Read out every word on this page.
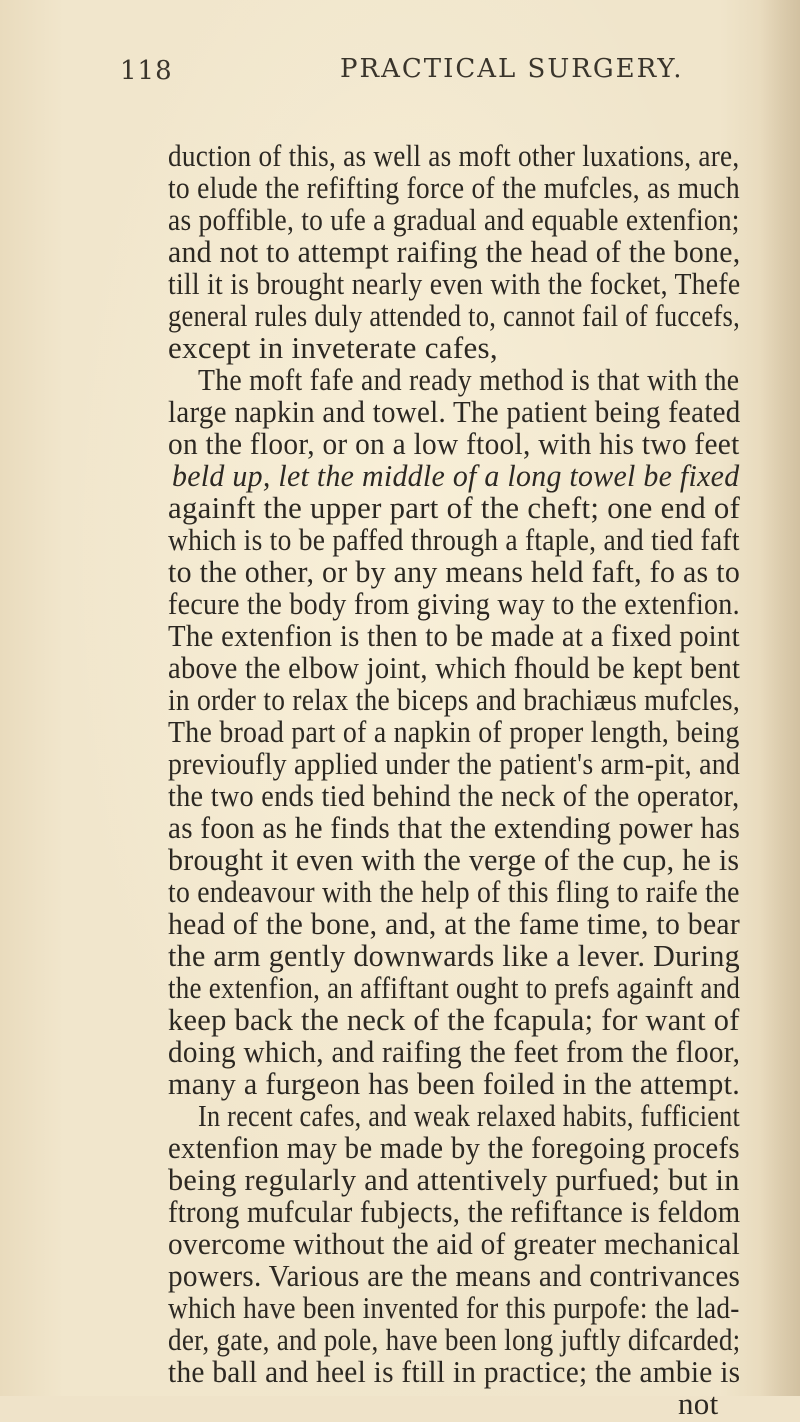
118	PRACTICAL SURGERY.
duction of this, as well as moft other luxations, are,
to elude the refifting force of the mufcles, as much
as poffible, to ufe a gradual and equable extenfion;
and not to attempt raifing the head of the bone,
till it is brought nearly even with the focket, Thefe
general rules duly attended to, cannot fail of fuccefs,
except in inveterate cafes,
The moft fafe and ready method is that with the
large napkin and towel. The patient being feated
on the floor, or on a low ftool, with his two feet
beld up, let the middle of a long towel be fixed
againft the upper part of the cheft; one end of
which is to be paffed through a ftaple, and tied faft
to the other, or by any means held faft, fo as to
fecure the body from giving way to the extenfion.
The extenfion is then to be made at a fixed point
above the elbow joint, which fhould be kept bent
in order to relax the biceps and brachiæus mufcles,
The broad part of a napkin of proper length, being
previoufly applied under the patient's arm-pit, and
the two ends tied behind the neck of the operator,
as foon as he finds that the extending power has
brought it even with the verge of the cup, he is
to endeavour with the help of this fling to raife the
head of the bone, and, at the fame time, to bear
the arm gently downwards like a lever. During
the extenfion, an affiftant ought to prefs againft and
keep back the neck of the fcapula; for want of
doing which, and raifing the feet from the floor,
many a furgeon has been foiled in the attempt.
In recent cafes, and weak relaxed habits, fufficient
extenfion may be made by the foregoing procefs
being regularly and attentively purfued; but in
ftrong mufcular fubjects, the refiftance is feldom
overcome without the aid of greater mechanical
powers. Various are the means and contrivances
which have been invented for this purpofe: the lad-
der, gate, and pole, have been long juftly difcarded;
the ball and heel is ftill in practice; the ambie is
not
